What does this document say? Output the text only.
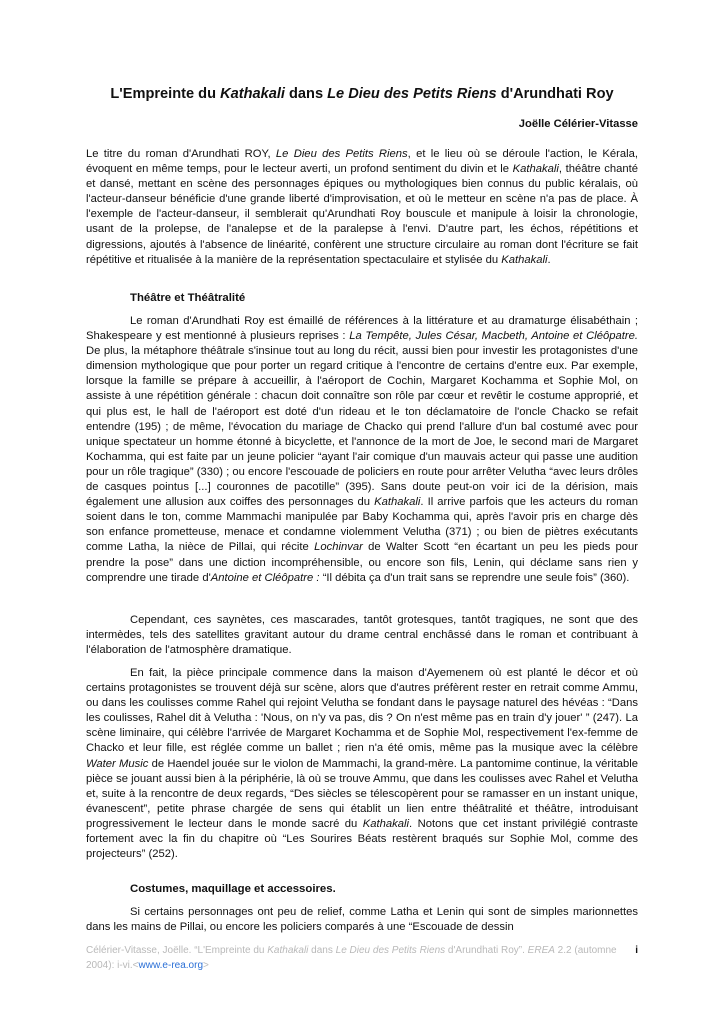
L'Empreinte du Kathakali dans Le Dieu des Petits Riens d'Arundhati Roy

Joëlle Célérier-Vitasse

Le titre du roman d'Arundhati ROY, Le Dieu des Petits Riens, et le lieu où se déroule l'action, le Kérala, évoquent en même temps, pour le lecteur averti, un profond sentiment du divin et le Kathakali, théâtre chanté et dansé, mettant en scène des personnages épiques ou mythologiques bien connus du public kéralais, où l'acteur-danseur bénéficie d'une grande liberté d'improvisation, et où le metteur en scène n'a pas de place. À l'exemple de l'acteur-danseur, il semblerait qu'Arundhati Roy bouscule et manipule à loisir la chronologie, usant de la prolepse, de l'analepse et de la paralepse à l'envi. D'autre part, les échos, répétitions et digressions, ajoutés à l'absence de linéarité, confèrent une structure circulaire au roman dont l'écriture se fait répétitive et ritualisée à la manière de la représentation spectaculaire et stylisée du Kathakali.

Théâtre et Théâtralité

Le roman d'Arundhati Roy est émaillé de références à la littérature et au dramaturge élisabéthain ; Shakespeare y est mentionné à plusieurs reprises : La Tempête, Jules César, Macbeth, Antoine et Cléôpatre. De plus, la métaphore théâtrale s'insinue tout au long du récit, aussi bien pour investir les protagonistes d'une dimension mythologique que pour porter un regard critique à l'encontre de certains d'entre eux. Par exemple, lorsque la famille se prépare à accueillir, à l'aéroport de Cochin, Margaret Kochamma et Sophie Mol, on assiste à une répétition générale : chacun doit connaître son rôle par cœur et revêtir le costume approprié, et qui plus est, le hall de l'aéroport est doté d'un rideau et le ton déclamatoire de l'oncle Chacko se refait entendre (195) ; de même, l'évocation du mariage de Chacko qui prend l'allure d'un bal costumé avec pour unique spectateur un homme étonné à bicyclette, et l'annonce de la mort de Joe, le second mari de Margaret Kochamma, qui est faite par un jeune policier “ayant l'air comique d'un mauvais acteur qui passe une audition pour un rôle tragique” (330) ; ou encore l'escouade de policiers en route pour arrêter Velutha “avec leurs drôles de casques pointus [...] couronnes de pacotille” (395). Sans doute peut-on voir ici de la dérision, mais également une allusion aux coiffes des personnages du Kathakali. Il arrive parfois que les acteurs du roman soient dans le ton, comme Mammachi manipulée par Baby Kochamma qui, après l'avoir pris en charge dès son enfance prometteuse, menace et condamne violemment Velutha (371) ; ou bien de piètres exécutants comme Latha, la nièce de Pillai, qui récite Lochinvar de Walter Scott “en écartant un peu les pieds pour prendre la pose” dans une diction incompréhensible, ou encore son fils, Lenin, qui déclame sans rien y comprendre une tirade d'Antoine et Cléôpatre : “Il débita ça d'un trait sans se reprendre une seule fois” (360).

Cependant, ces saynètes, ces mascarades, tantôt grotesques, tantôt tragiques, ne sont que des intermèdes, tels des satellites gravitant autour du drame central enchâssé dans le roman et contribuant à l'élaboration de l'atmosphère dramatique.

En fait, la pièce principale commence dans la maison d'Ayemenem où est planté le décor et où certains protagonistes se trouvent déjà sur scène, alors que d'autres préfèrent rester en retrait comme Ammu, ou dans les coulisses comme Rahel qui rejoint Velutha se fondant dans le paysage naturel des hévéas : “Dans les coulisses, Rahel dit à Velutha : 'Nous, on n'y va pas, dis ? On n'est même pas en train d'y jouer' ” (247). La scène liminaire, qui célèbre l'arrivée de Margaret Kochamma et de Sophie Mol, respectivement l'ex-femme de Chacko et leur fille, est réglée comme un ballet ; rien n'a été omis, même pas la musique avec la célèbre Water Music de Haendel jouée sur le violon de Mammachi, la grand-mère. La pantomime continue, la véritable pièce se jouant aussi bien à la périphérie, là où se trouve Ammu, que dans les coulisses avec Rahel et Velutha et, suite à la rencontre de deux regards, “Des siècles se télescopèrent pour se ramasser en un instant unique, évanescent”, petite phrase chargée de sens qui établit un lien entre théâtralité et théâtre, introduisant progressivement le lecteur dans le monde sacré du Kathakali. Notons que cet instant privilégié contraste fortement avec la fin du chapitre où “Les Sourires Béats restèrent braqués sur Sophie Mol, comme des projecteurs” (252).

Costumes, maquillage et accessoires.

Si certains personnages ont peu de relief, comme Latha et Lenin qui sont de simples marionnettes dans les mains de Pillai, ou encore les policiers comparés à une “Escouade de dessin

Célérier-Vitasse, Joëlle. “L'Empreinte du Kathakali dans Le Dieu des Petits Riens d'Arundhati Roy”. EREA 2.2 (automne
2004): i-vi.<www.e-rea.org>
i
